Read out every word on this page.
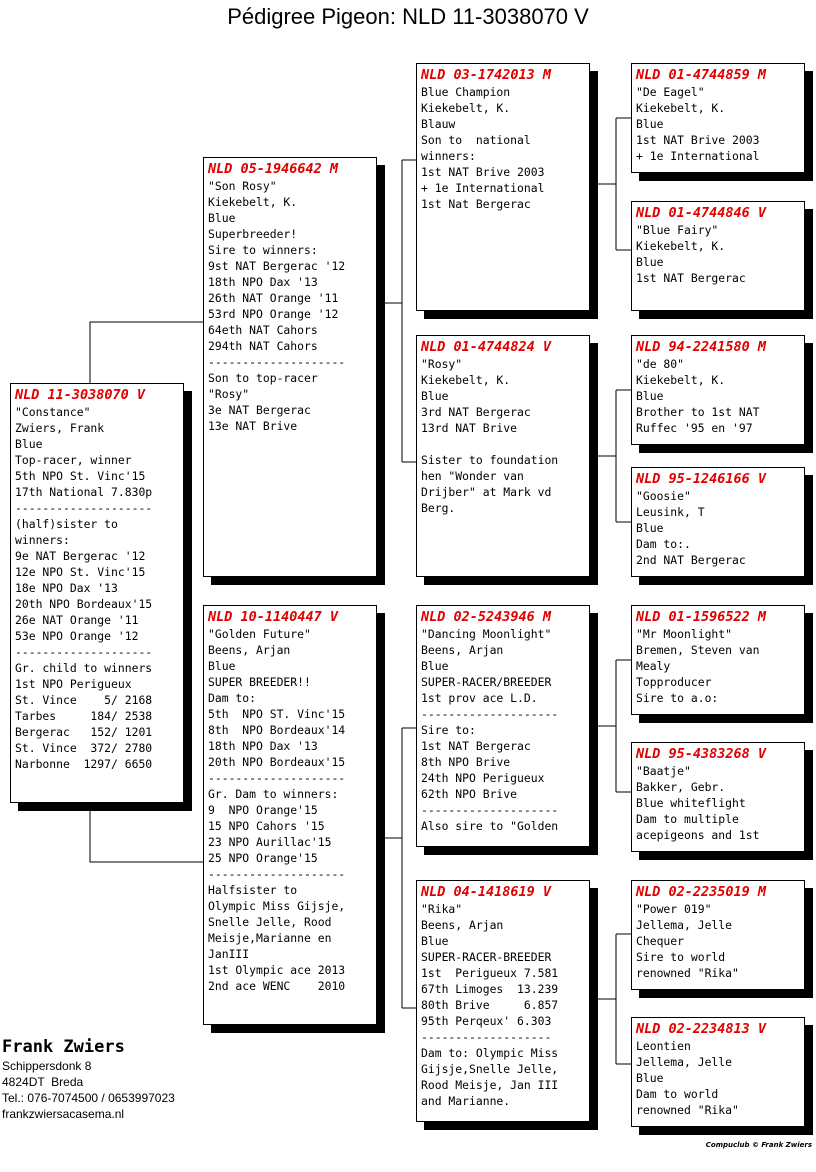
Pédigree Pigeon: NLD 11-3038070 V
NLD 11-3038070 V
"Constance"
Zwiers, Frank
Blue
Top-racer, winner
5th NPO St. Vinc'15
17th National 7.830p
--------------------
(half)sister to
winners:
9e NAT Bergerac '12
12e NPO St. Vinc'15
18e NPO Dax '13
20th NPO Bordeaux'15
26e NAT Orange '11
53e NPO Orange '12
--------------------
Gr. child to winners
1st NPO Perigueux
St. Vince    5/ 2168
Tarbes     184/ 2538
Bergerac   152/ 1201
St. Vince  372/ 2780
Narbonne  1297/ 6650
NLD 05-1946642 M
"Son Rosy"
Kiekebelt, K.
Blue
Superbreeder!
Sire to winners:
9st NAT Bergerac '12
18th NPO Dax '13
26th NAT Orange '11
53rd NPO Orange '12
64eth NAT Cahors
294th NAT Cahors
--------------------
Son to top-racer
"Rosy"
3e NAT Bergerac
13e NAT Brive
NLD 10-1140447 V
"Golden Future"
Beens, Arjan
Blue
SUPER BREEDER!!
Dam to:
5th  NPO ST. Vinc'15
8th  NPO Bordeaux'14
18th NPO Dax '13
20th NPO Bordeaux'15
--------------------
Gr. Dam to winners:
9  NPO Orange'15
15 NPO Cahors '15
23 NPO Aurillac'15
25 NPO Orange'15
--------------------
Halfsister to
Olympic Miss Gijsje,
Snelle Jelle, Rood
Meisje,Marianne en
JanIII
1st Olympic ace 2013
2nd ace WENC    2010
NLD 03-1742013 M
Blue Champion
Kiekebelt, K.
Blauw
Son to  national
winners:
1st NAT Brive 2003
+ 1e International
1st Nat Bergerac
NLD 01-4744824 V
"Rosy"
Kiekebelt, K.
Blue
3rd NAT Bergerac
13rd NAT Brive

Sister to foundation
hen "Wonder van
Drijber" at Mark vd
Berg.
NLD 02-5243946 M
"Dancing Moonlight"
Beens, Arjan
Blue
SUPER-RACER/BREEDER
1st prov ace L.D.
--------------------
Sire to:
1st NAT Bergerac
8th NPO Brive
24th NPO Perigueux
62th NPO Brive
--------------------
Also sire to "Golden
NLD 04-1418619 V
"Rika"
Beens, Arjan
Blue
SUPER-RACER-BREEDER
1st  Perigueux 7.581
67th Limoges  13.239
80th Brive     6.857
95th Perqeux' 6.303
-------------------
Dam to: Olympic Miss
Gijsje,Snelle Jelle,
Rood Meisje, Jan III
and Marianne.
NLD 01-4744859 M
"De Eagel"
Kiekebelt, K.
Blue
1st NAT Brive 2003
+ 1e International
NLD 01-4744846 V
"Blue Fairy"
Kiekebelt, K.
Blue
1st NAT Bergerac
NLD 94-2241580 M
"de 80"
Kiekebelt, K.
Blue
Brother to 1st NAT
Ruffec '95 en '97
NLD 95-1246166 V
"Goosie"
Leusink, T
Blue
Dam to:.
2nd NAT Bergerac
NLD 01-1596522 M
"Mr Moonlight"
Bremen, Steven van
Mealy
Topproducer
Sire to a.o:
NLD 95-4383268 V
"Baatje"
Bakker, Gebr.
Blue whiteflight
Dam to multiple
acepigeons and 1st
NLD 02-2235019 M
"Power 019"
Jellema, Jelle
Chequer
Sire to world
renowned "Rika"
NLD 02-2234813 V
Leontien
Jellema, Jelle
Blue
Dam to world
renowned "Rika"
Frank Zwiers
Schippersdonk 8
4824DT  Breda
Tel.: 076-7074500 / 0653997023
frankzwiersacasema.nl
Compuclub © Frank Zwiers
